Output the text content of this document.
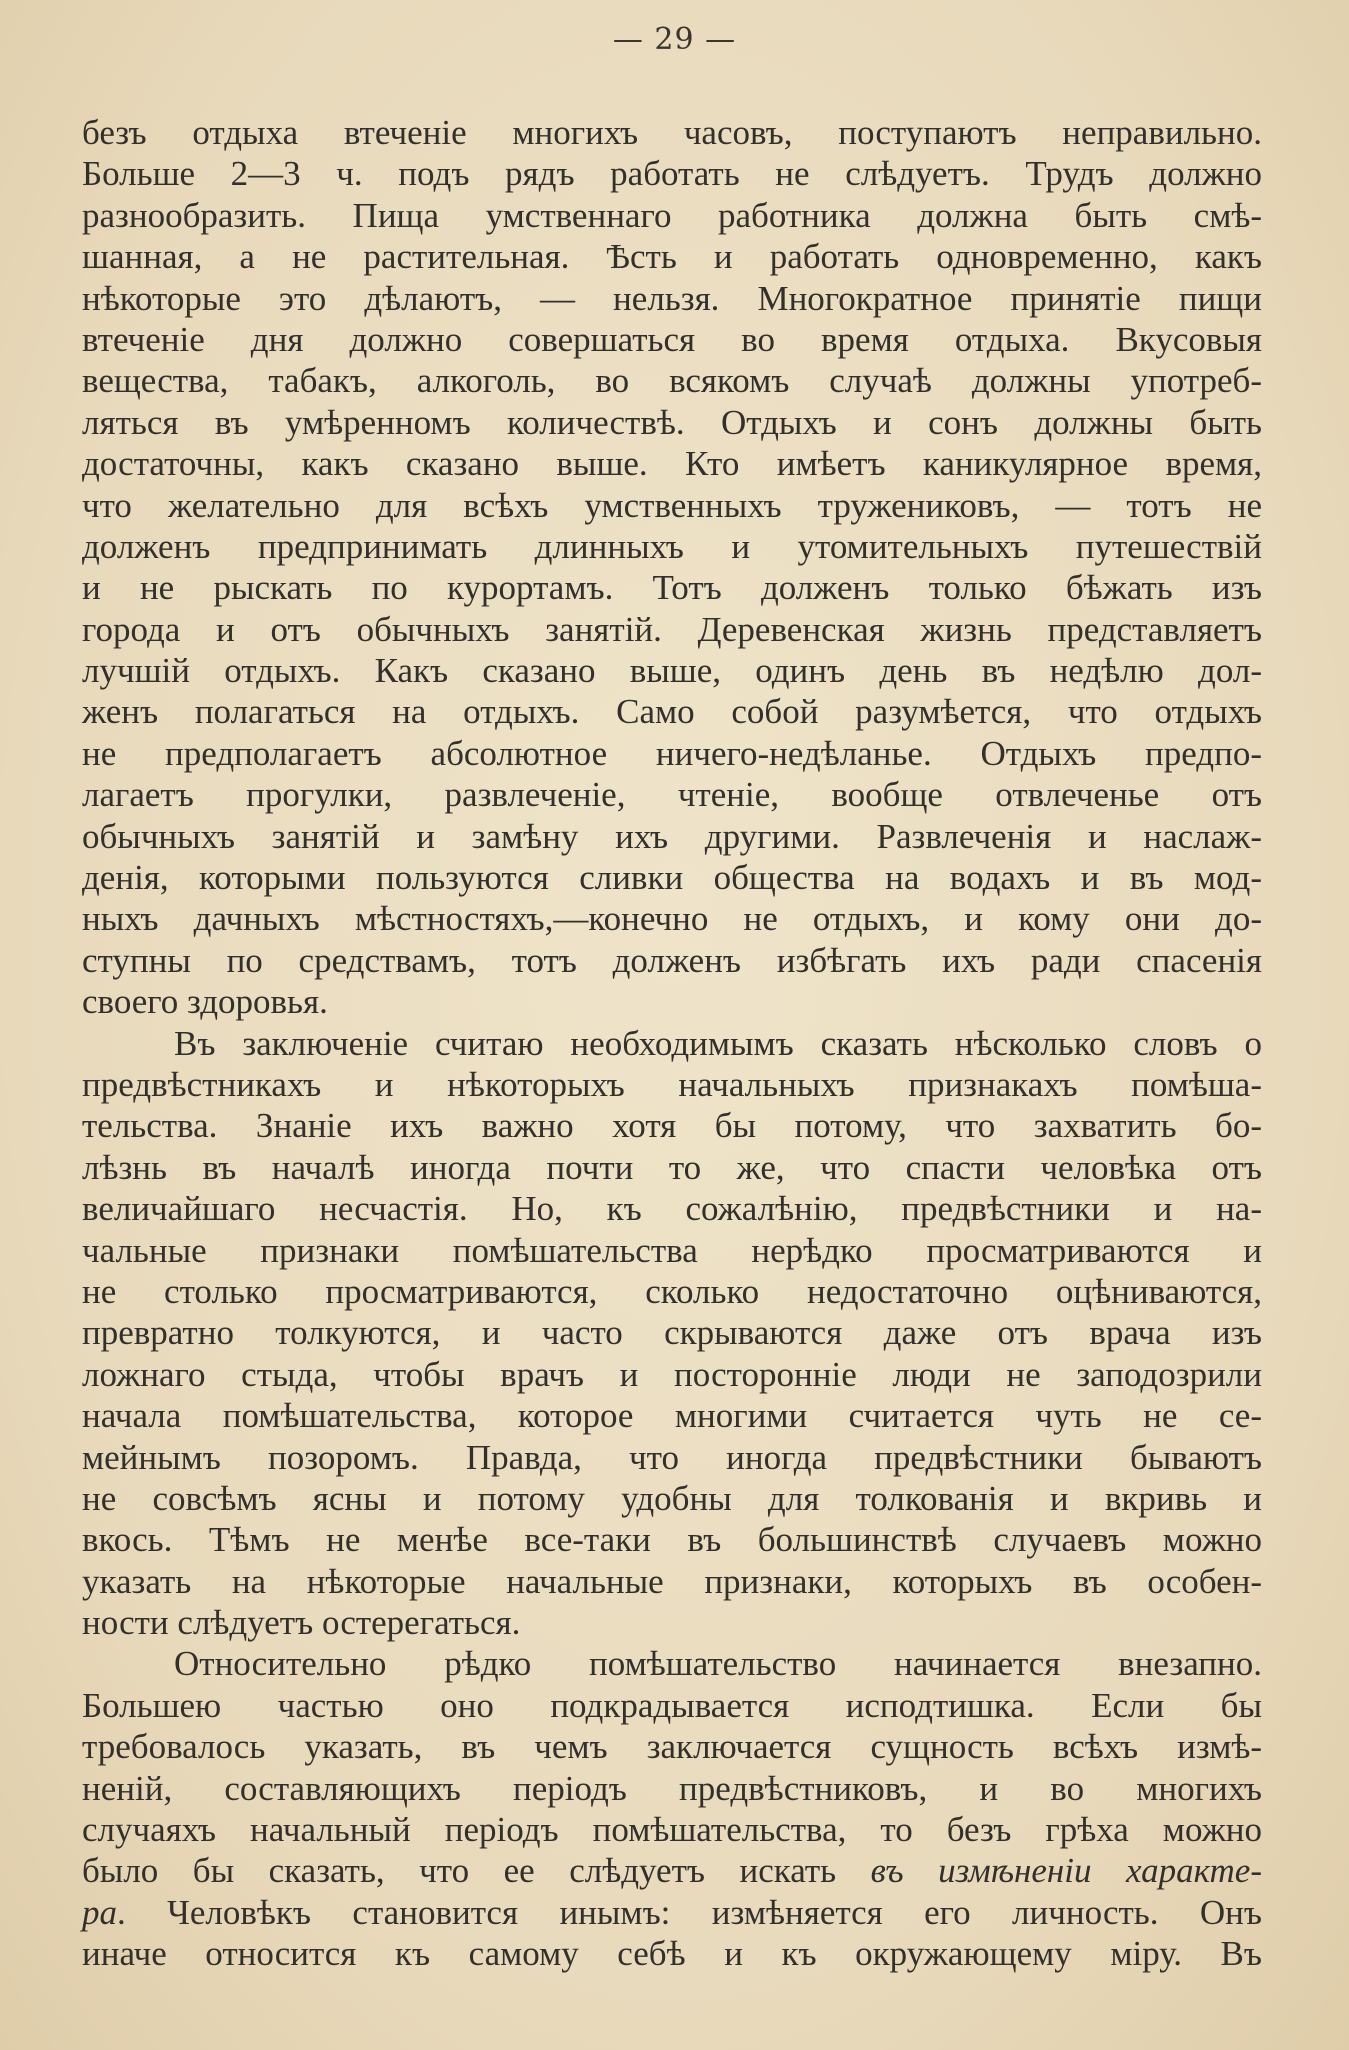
— 29 —
безъ отдыха втеченіе многихъ часовъ, поступаютъ неправильно.
Больше 2—3 ч. подъ рядъ работать не слѣдуетъ. Трудъ должно
разнообразить. Пища умственнаго работника должна быть смѣ-
шанная, а не растительная. Ѣсть и работать одновременно, какъ
нѣкоторые это дѣлаютъ, — нельзя. Многократное принятіе пищи
втеченіе дня должно совершаться во время отдыха. Вкусовыя
вещества, табакъ, алкоголь, во всякомъ случаѣ должны употреб-
ляться въ умѣренномъ количествѣ. Отдыхъ и сонъ должны быть
достаточны, какъ сказано выше. Кто имѣетъ каникулярное время,
что желательно для всѣхъ умственныхъ тружениковъ, — тотъ не
долженъ предпринимать длинныхъ и утомительныхъ путешествій
и не рыскать по курортамъ. Тотъ долженъ только бѣжать изъ
города и отъ обычныхъ занятій. Деревенская жизнь представляетъ
лучшій отдыхъ. Какъ сказано выше, одинъ день въ недѣлю дол-
женъ полагаться на отдыхъ. Само собой разумѣется, что отдыхъ
не предполагаетъ абсолютное ничего-недѣланье. Отдыхъ предпо-
лагаетъ прогулки, развлеченіе, чтеніе, вообще отвлеченье отъ
обычныхъ занятій и замѣну ихъ другими. Развлеченія и наслаж-
денія, которыми пользуются сливки общества на водахъ и въ мод-
ныхъ дачныхъ мѣстностяхъ,—конечно не отдыхъ, и кому они до-
ступны по средствамъ, тотъ долженъ избѣгать ихъ ради спасенія
своего здоровья.
Въ заключеніе считаю необходимымъ сказать нѣсколько словъ о
предвѣстникахъ и нѣкоторыхъ начальныхъ признакахъ помѣша-
тельства. Знаніе ихъ важно хотя бы потому, что захватить бо-
лѣзнь въ началѣ иногда почти то же, что спасти человѣка отъ
величайшаго несчастія. Но, къ сожалѣнію, предвѣстники и на-
чальные признаки помѣшательства нерѣдко просматриваются и
не столько просматриваются, сколько недостаточно оцѣниваются,
превратно толкуются, и часто скрываются даже отъ врача изъ
ложнаго стыда, чтобы врачъ и посторонніе люди не заподозрили
начала помѣшательства, которое многими считается чуть не се-
мейнымъ позоромъ. Правда, что иногда предвѣстники бываютъ
не совсѣмъ ясны и потому удобны для толкованія и вкривь и
вкось. Тѣмъ не менѣе все-таки въ большинствѣ случаевъ можно
указать на нѣкоторые начальные признаки, которыхъ въ особен-
ности слѣдуетъ остерегаться.
Относительно рѣдко помѣшательство начинается внезапно.
Большею частью оно подкрадывается исподтишка. Если бы
требовалось указать, въ чемъ заключается сущность всѣхъ измѣ-
неній, составляющихъ періодъ предвѣстниковъ, и во многихъ
случаяхъ начальный періодъ помѣшательства, то безъ грѣха можно
было бы сказать, что ее слѣдуетъ искать въ измѣненіи характе-
ра. Человѣкъ становится инымъ: измѣняется его личность. Онъ
иначе относится къ самому себѣ и къ окружающему міру. Въ
